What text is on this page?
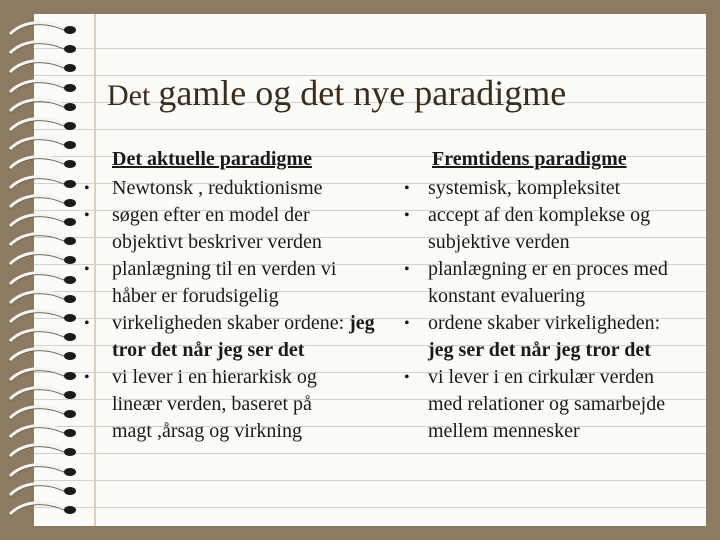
Det gamle og det nye paradigme
Det aktuelle paradigme
• Newtonsk , reduktionisme
• søgen efter en model der
objektivt beskriver verden
• planlægning til en verden vi
håber er forudsigelig
• virkeligheden skaber ordene: jeg
tror det når jeg ser det
• vi lever i en hierarkisk og
lineær verden, baseret på
magt ,årsag og virkning
Fremtidens paradigme
• systemisk, kompleksitet
• accept af den komplekse og
subjektive verden
• planlægning er en proces med
konstant evaluering
• ordene skaber virkeligheden:
jeg ser det når jeg tror det
• vi lever i en cirkulær verden
med relationer og samarbejde
mellem mennesker
